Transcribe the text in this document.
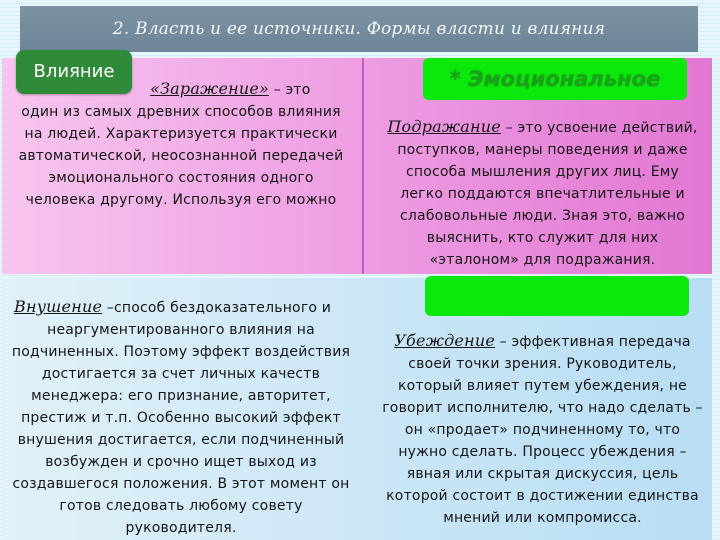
2. Власть и ее источники. Формы власти и влияния
Влияние	* Эмоциональное
«Заражение» – это
один из самых древних способов влияния
на людей. Характеризуется практически
автоматической, неосознанной передачей
эмоционального состояния одного
человека другому. Используя его можно
Подражание – это усвоение действий,
поступков, манеры поведения и даже
способа мышления других лиц. Ему
легко поддаются впечатлительные и
слабовольные люди. Зная это, важно
выяснить, кто служит для них
«эталоном» для подражания.
Внушение –способ бездоказательного и
неаргументированного влияния на
подчиненных. Поэтому эффект воздействия
достигается за счет личных качеств
менеджера: его признание, авторитет,
престиж и т.п. Особенно высокий эффект
внушения достигается, если подчиненный
возбужден и срочно ищет выход из
создавшегося положения. В этот момент он
готов следовать любому совету
руководителя.
Убеждение – эффективная передача
своей точки зрения. Руководитель,
который влияет путем убеждения, не
говорит исполнителю, что надо сделать –
он «продает» подчиненному то, что
нужно сделать. Процесс убеждения –
явная или скрытая дискуссия, цель
которой состоит в достижении единства
мнений или компромисса.
